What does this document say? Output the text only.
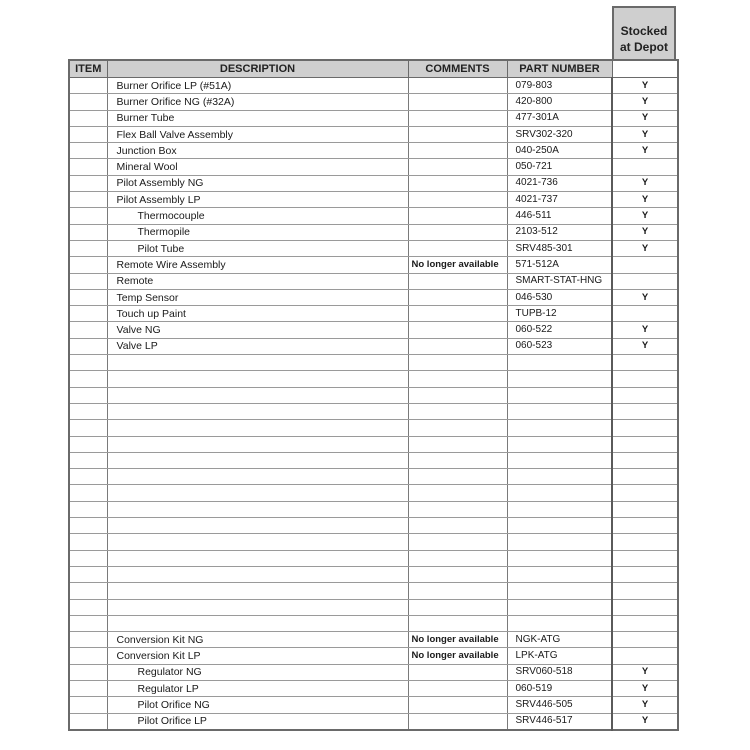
Stocked
at Depot
ITEM	DESCRIPTION	COMMENTS	PART NUMBER	
	Burner Orifice LP (#51A)		079-803	Y
	Burner Orifice NG (#32A)		420-800	Y
	Burner Tube		477-301A	Y
	Flex Ball Valve Assembly		SRV302-320	Y
	Junction Box		040-250A	Y
	Mineral Wool		050-721	
	Pilot Assembly NG		4021-736	Y
	Pilot Assembly LP		4021-737	Y
	Thermocouple		446-511	Y
	Thermopile		2103-512	Y
	Pilot Tube		SRV485-301	Y
	Remote Wire Assembly	No longer available	571-512A	
	Remote		SMART-STAT-HNG	
	Temp Sensor		046-530	Y
	Touch up Paint		TUPB-12	
	Valve NG		060-522	Y
	Valve LP		060-523	Y

	Conversion Kit NG	No longer available	NGK-ATG	
	Conversion Kit LP	No longer available	LPK-ATG	
	Regulator NG		SRV060-518	Y
	Regulator LP		060-519	Y
	Pilot Orifice NG		SRV446-505	Y
	Pilot Orifice LP		SRV446-517	Y
